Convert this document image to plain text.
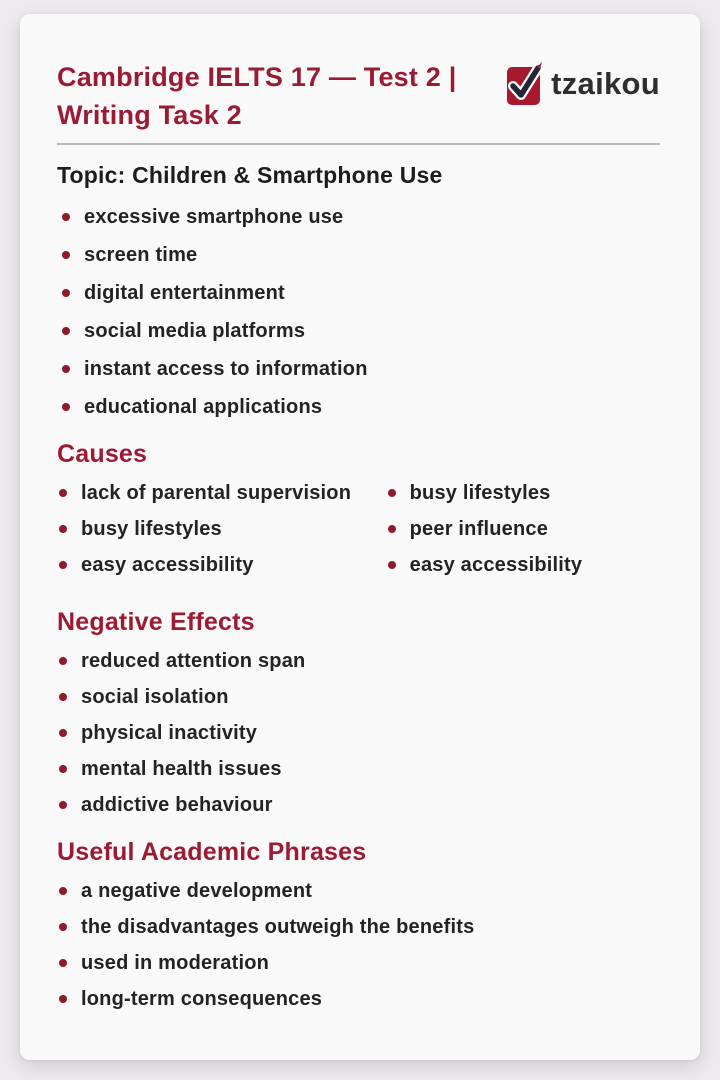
Cambridge IELTS 17 — Test 2 |
Writing Task 2
tzaikou
Topic: Children & Smartphone Use
excessive smartphone use
screen time
digital entertainment
social media platforms
instant access to information
educational applications
Causes
lack of parental supervision
busy lifestyles
easy accessibility
busy lifestyles
peer influence
easy accessibility
Negative Effects
reduced attention span
social isolation
physical inactivity
mental health issues
addictive behaviour
Useful Academic Phrases
a negative development
the disadvantages outweigh the benefits
used in moderation
long-term consequences
